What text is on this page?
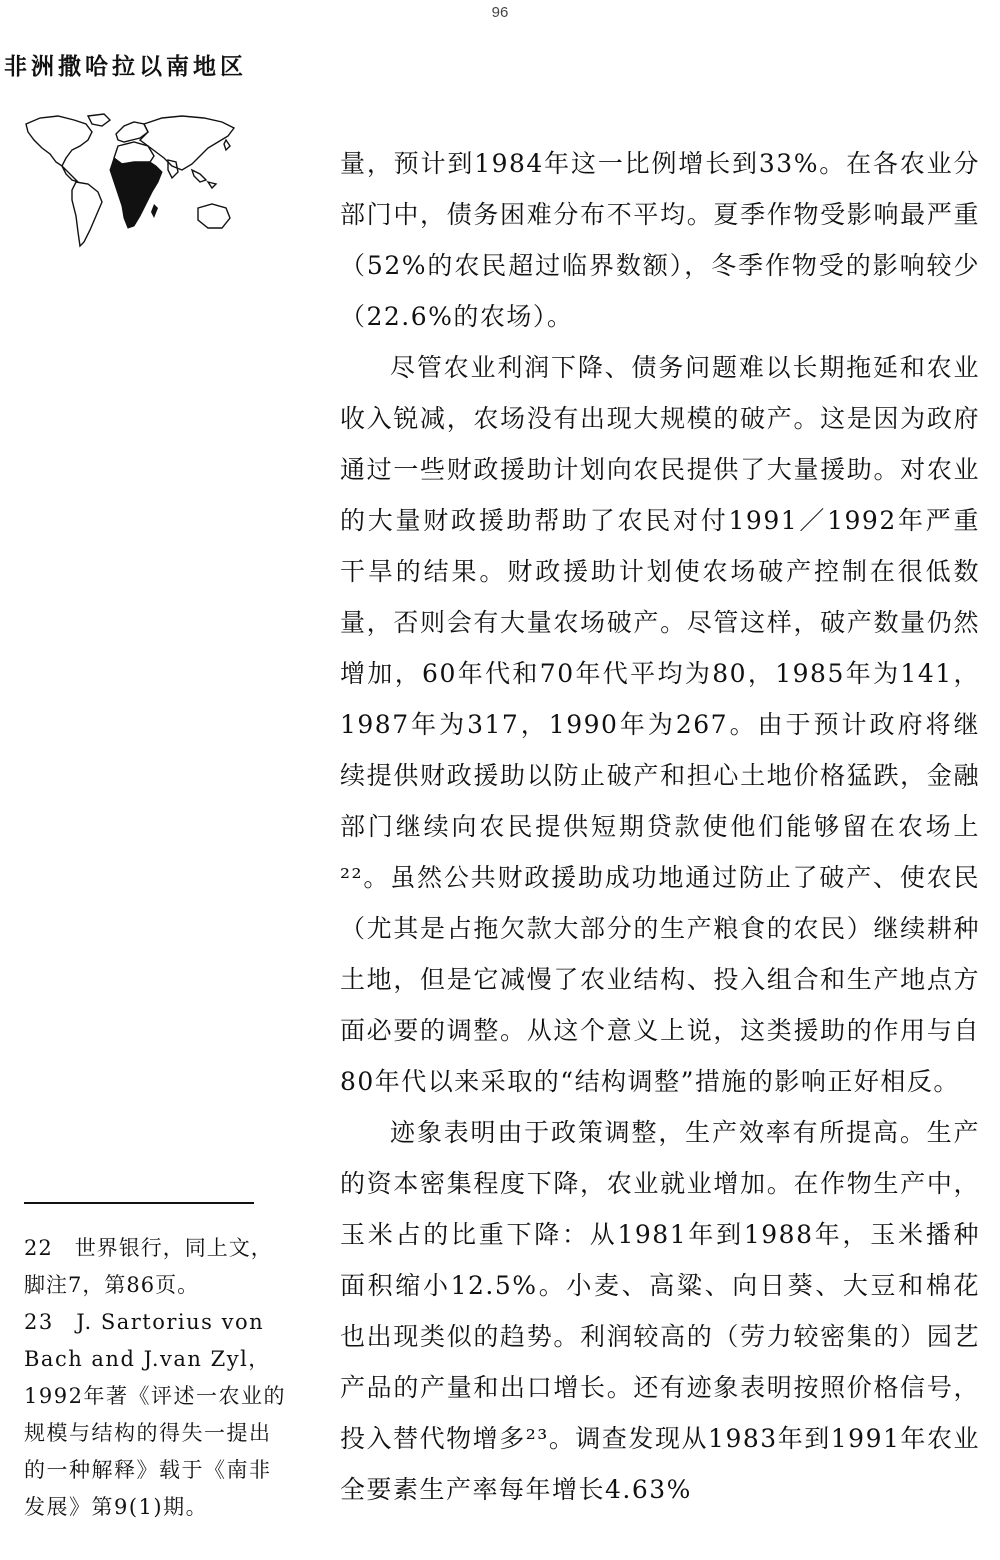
96
非洲撒哈拉以南地区

量，预计到1984年这一比例增长到33%。在各农业分部门中，债务困难分布不平均。夏季作物受影响最严重（52%的农民超过临界数额），冬季作物受的影响较少（22.6%的农场）。

尽管农业利润下降、债务问题难以长期拖延和农业收入锐减，农场没有出现大规模的破产。这是因为政府通过一些财政援助计划向农民提供了大量援助。对农业的大量财政援助帮助了农民对付1991／1992年严重干旱的结果。财政援助计划使农场破产控制在很低数量，否则会有大量农场破产。尽管这样，破产数量仍然增加，60年代和70年代平均为80，1985年为141，1987年为317，1990年为267。由于预计政府将继续提供财政援助以防止破产和担心土地价格猛跌，金融部门继续向农民提供短期贷款使他们能够留在农场上²²。虽然公共财政援助成功地通过防止了破产、使农民（尤其是占拖欠款大部分的生产粮食的农民）继续耕种土地，但是它减慢了农业结构、投入组合和生产地点方面必要的调整。从这个意义上说，这类援助的作用与自80年代以来采取的“结构调整”措施的影响正好相反。

迹象表明由于政策调整，生产效率有所提高。生产的资本密集程度下降，农业就业增加。在作物生产中，玉米占的比重下降：从1981年到1988年，玉米播种面积缩小12.5%。小麦、高粱、向日葵、大豆和棉花也出现类似的趋势。利润较高的（劳力较密集的）园艺产品的产量和出口增长。还有迹象表明按照价格信号，投入替代物增多²³。调查发现从1983年到1991年农业全要素生产率每年增长4.63%

22　世界银行，同上文，脚注7，第86页。

23　J. Sartorius von Bach and J.van Zyl，1992年著《评述一农业的规模与结构的得失一提出的一种解释》载于《南非发展》第9(1)期。
